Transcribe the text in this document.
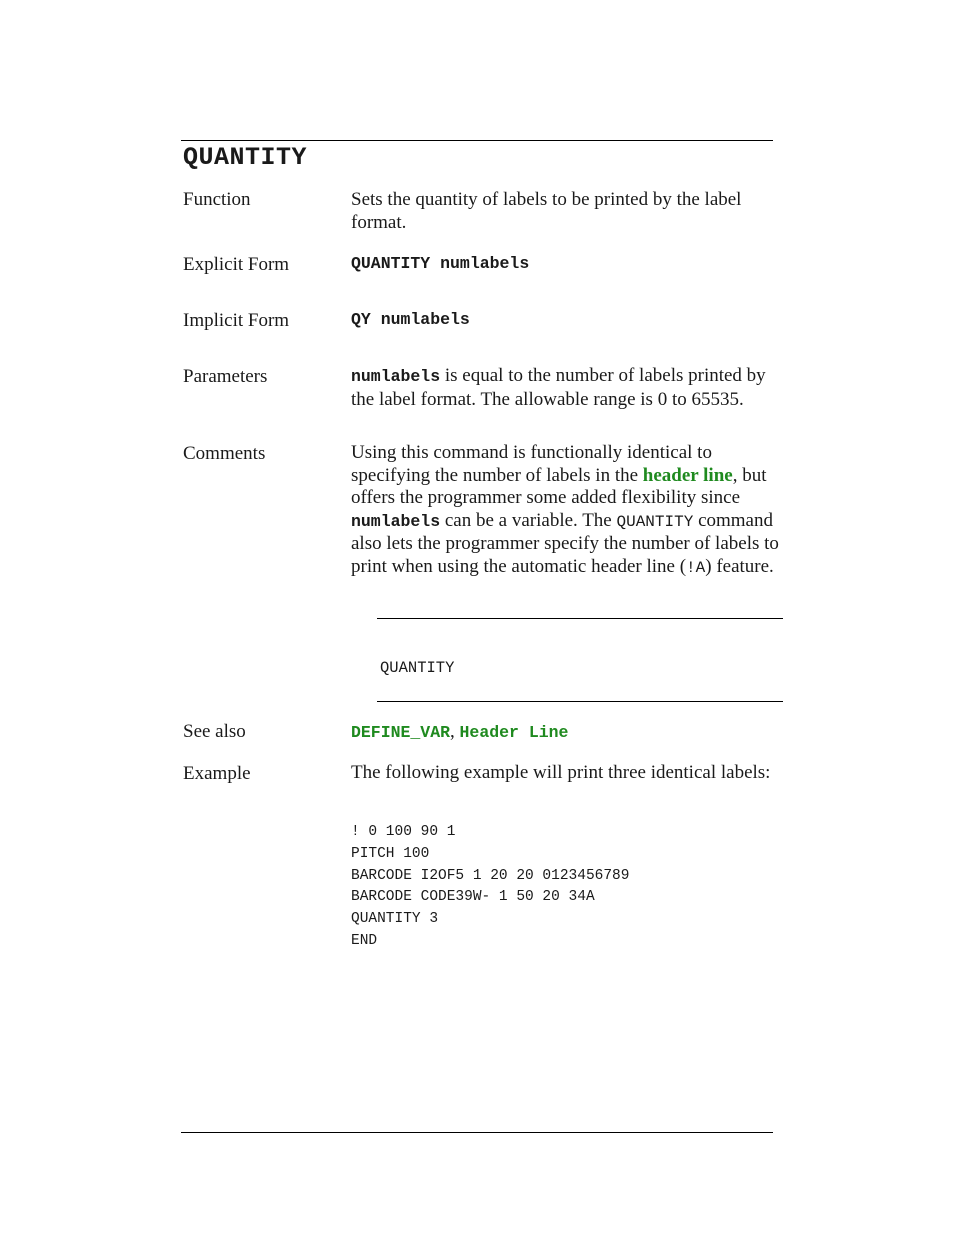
QUANTITY
Function	Sets the quantity of labels to be printed by the label format.
Explicit Form	QUANTITY numlabels
Implicit Form	QY numlabels
Parameters	numlabels is equal to the number of labels printed by the label format. The allowable range is 0 to 65535.
Comments	Using this command is functionally identical to specifying the number of labels in the header line, but offers the programmer some added flexibility since numlabels can be a variable. The QUANTITY command also lets the programmer specify the number of labels to print when using the automatic header line (!A) feature.
QUANTITY
See also	DEFINE_VAR, Header Line
Example	The following example will print three identical labels:
! 0 100 90 1
PITCH 100
BARCODE I2OF5 1 20 20 0123456789
BARCODE CODE39W- 1 50 20 34A
QUANTITY 3
END
